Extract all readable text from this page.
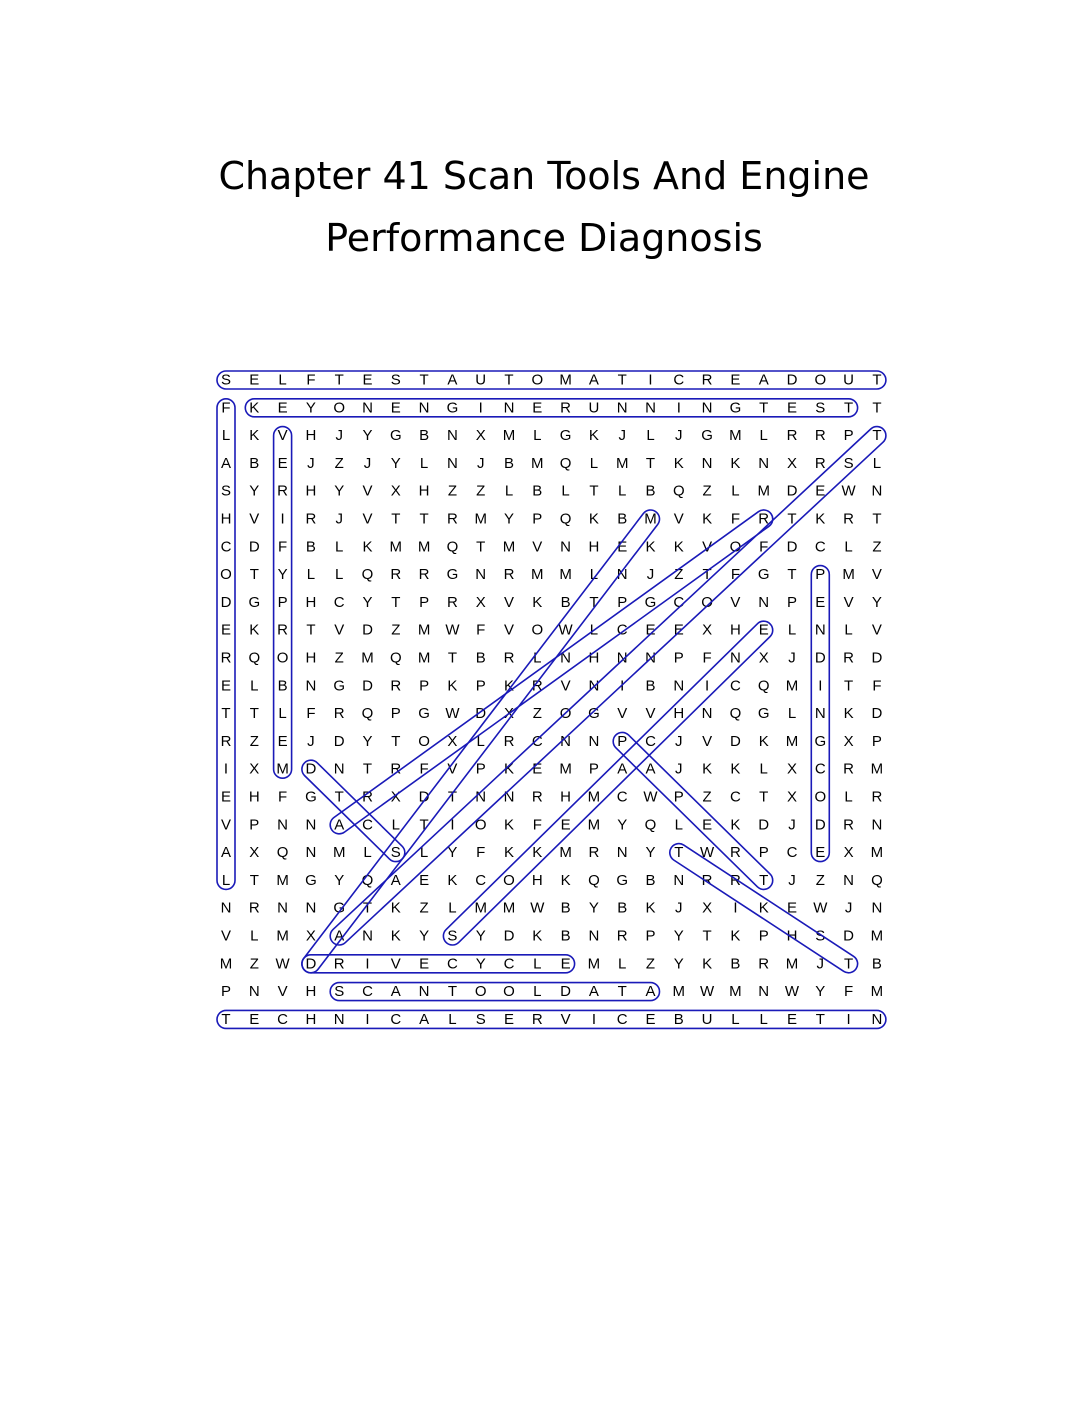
Chapter 41 Scan Tools And Engine
Performance Diagnosis
S E L F T E S T A U T O M A T I C R E A D O U T
F K E Y O N E N G I N E R U N N I N G T E S T T
L K V H J Y G B N X M L G K J L J G M L R R P T
A B E J Z J Y L N J B M Q L M T K N K N X R S L
S Y R H Y V X H Z Z L B L T L B Q Z L M D E W N
H V I R J V T T R M Y P Q K B M V K F R T K R T
C D F B L K M M Q T M V N H E K K V O F D C L Z
O T Y L L Q R R G N R M M L N J Z T F G T P M V
D G P H C Y T P R X V K B T P G C O V N P E V Y
E K R T V D Z M W F V O W L C E E X H E L N L V
R Q O H Z M Q M T B R L N H N N P F N X J D R D
E L B N G D R P K P K R V N I B N I C Q M I T F
T T L F R Q P G W D X Z O G V V H N Q G L N K D
R Z E J D Y T O X L R C N N P C J V D K M G X P
I X M D N T R F V P K E M P A A J K K L X C R M
E H F G T R X D T N N R H M C W P Z C T X O L R
V P N N A C L T I O K F E M Y Q L E K D J D R N
A X Q N M L S L Y F K K M R N Y T W R P C E X M
L T M G Y Q A E K C O H K Q G B N R R T J Z N Q
N R N N G T K Z L M M W B Y B K J X I K E W J N
V L M X A N K Y S Y D K B N R P Y T K P H S D M
M Z W D R I V E C Y C L E M L Z Y K B R M J T B
P N V H S C A N T O O L D A T A M W M N W Y F M
T E C H N I C A L S E R V I C E B U L L E T I N
